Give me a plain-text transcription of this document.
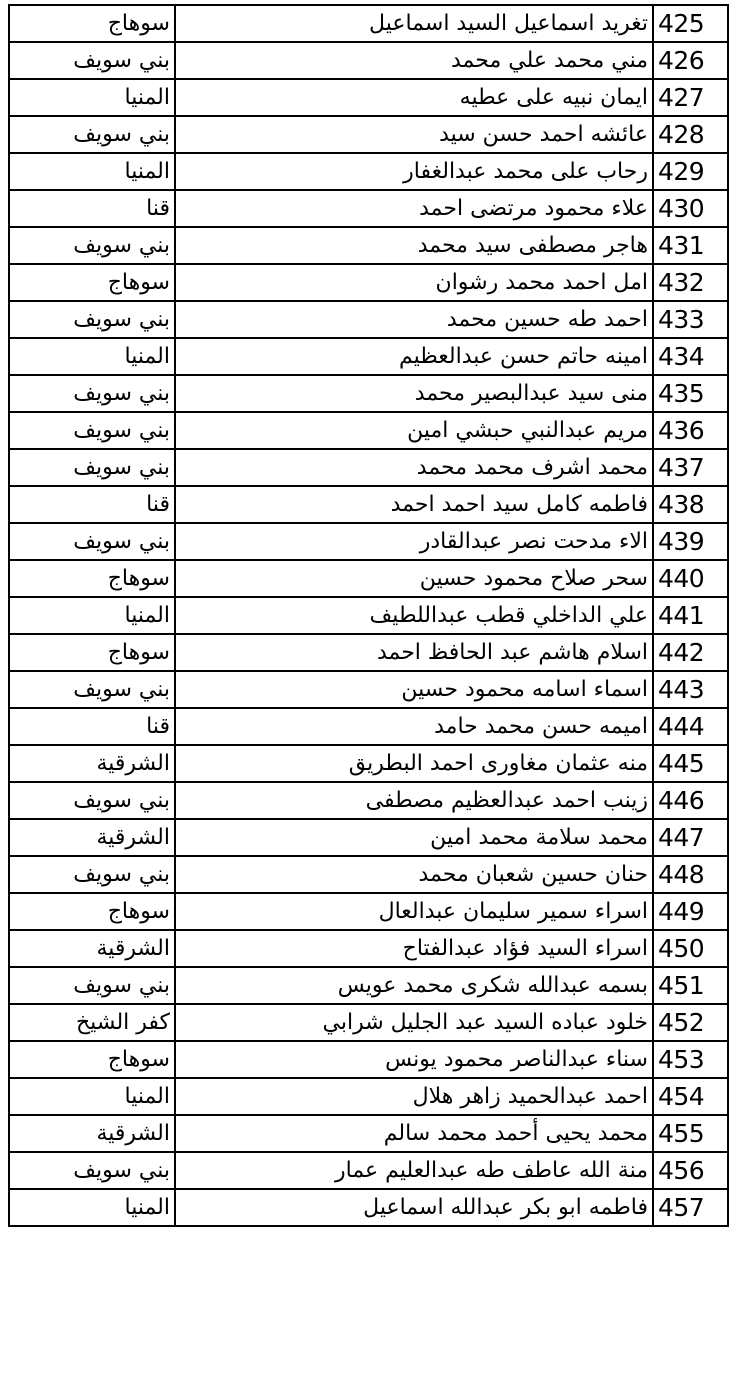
سوهاج	تغريد اسماعيل السيد اسماعيل	425
بني سويف	مني محمد علي محمد	426
المنيا	ايمان نبيه على عطيه	427
بني سويف	عائشه احمد حسن سيد	428
المنيا	رحاب على محمد عبدالغفار	429
قنا	علاء محمود مرتضى احمد	430
بني سويف	هاجر مصطفى سيد محمد	431
سوهاج	امل احمد محمد رشوان	432
بني سويف	احمد طه حسين محمد	433
المنيا	امينه حاتم حسن عبدالعظيم	434
بني سويف	منى سيد عبدالبصير محمد	435
بني سويف	مريم عبدالنبي حبشي امين	436
بني سويف	محمد اشرف محمد محمد	437
قنا	فاطمه كامل سيد احمد احمد	438
بني سويف	الاء مدحت نصر عبدالقادر	439
سوهاج	سحر صلاح محمود حسين	440
المنيا	علي الداخلي قطب عبداللطيف	441
سوهاج	اسلام هاشم عبد الحافظ احمد	442
بني سويف	اسماء اسامه محمود حسين	443
قنا	اميمه حسن محمد حامد	444
الشرقية	منه عثمان مغاورى احمد البطريق	445
بني سويف	زينب احمد عبدالعظيم مصطفى	446
الشرقية	محمد سلامة محمد امين	447
بني سويف	حنان حسين شعبان محمد	448
سوهاج	اسراء سمير سليمان عبدالعال	449
الشرقية	اسراء السيد فؤاد عبدالفتاح	450
بني سويف	بسمه عبدالله شكرى محمد عويس	451
كفر الشيخ	خلود عباده السيد عبد الجليل شرابي	452
سوهاج	سناء عبدالناصر محمود يونس	453
المنيا	احمد عبدالحميد زاهر هلال	454
الشرقية	محمد يحيى أحمد محمد سالم	455
بني سويف	منة الله عاطف طه عبدالعليم عمار	456
المنيا	فاطمه ابو بكر عبدالله اسماعيل	457
